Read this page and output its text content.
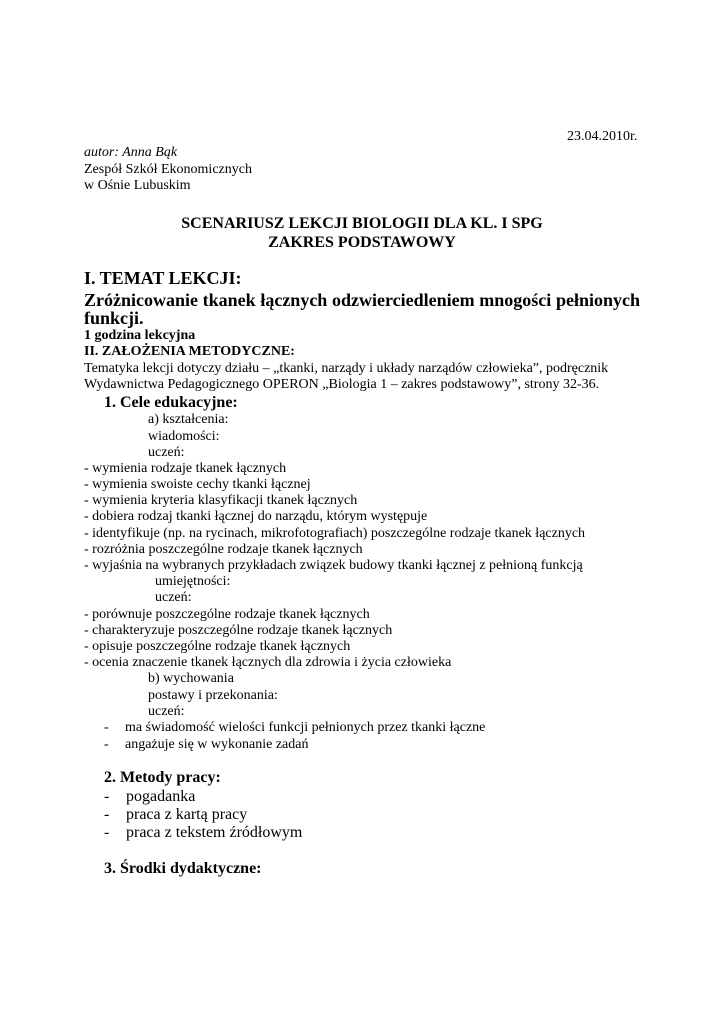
23.04.2010r.
autor: Anna Bąk
Zespół Szkół Ekonomicznych
w Ośnie Lubuskim
SCENARIUSZ LEKCJI BIOLOGII DLA KL. I SPG
ZAKRES PODSTAWOWY
I. TEMAT LEKCJI:
Zróżnicowanie tkanek łącznych odzwierciedleniem mnogości pełnionych
funkcji.
1 godzina lekcyjna
II. ZAŁOŻENIA METODYCZNE:
Tematyka lekcji dotyczy działu – „tkanki, narządy i układy narządów człowieka”, podręcznik
Wydawnictwa Pedagogicznego OPERON „Biologia 1 – zakres podstawowy”, strony 32-36.
1. Cele edukacyjne:
a) kształcenia:
wiadomości:
uczeń:
- wymienia rodzaje tkanek łącznych
- wymienia swoiste cechy tkanki łącznej
- wymienia kryteria klasyfikacji tkanek łącznych
- dobiera rodzaj tkanki łącznej do narządu, którym występuje
- identyfikuje (np. na rycinach, mikrofotografiach) poszczególne rodzaje tkanek łącznych
- rozróżnia poszczególne rodzaje tkanek łącznych
- wyjaśnia na wybranych przykładach związek budowy tkanki łącznej z pełnioną funkcją
umiejętności:
uczeń:
- porównuje poszczególne rodzaje tkanek łącznych
- charakteryzuje poszczególne rodzaje tkanek łącznych
- opisuje poszczególne rodzaje tkanek łącznych
- ocenia znaczenie tkanek łącznych dla zdrowia i życia człowieka
b) wychowania
postawy i przekonania:
uczeń:
- ma świadomość wielości funkcji pełnionych przez tkanki łączne
- angażuje się w wykonanie zadań
2. Metody pracy:
- pogadanka
- praca z kartą pracy
- praca z tekstem źródłowym
3. Środki dydaktyczne:
